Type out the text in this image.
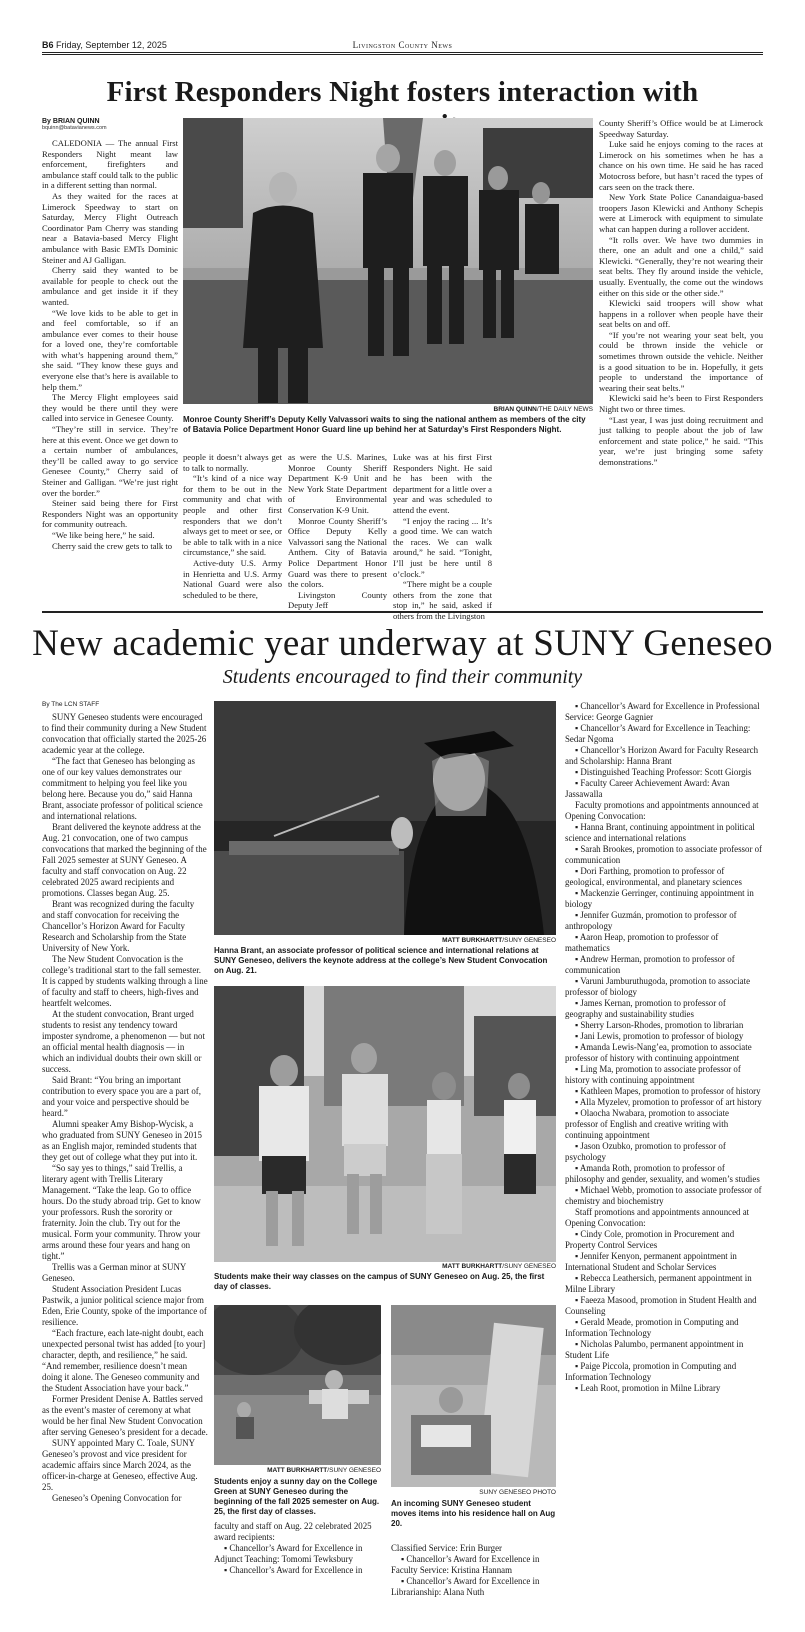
B6 Friday, September 12, 2025	Livingston County News
First Responders Night fosters interaction with
By BRIAN QUINN
bquinn@batavianews.com

CALEDONIA — The annual First Responders Night meant law enforcement, firefighters and ambulance staff could talk to the public in a different setting than normal.

As they waited for the races at Limerock Speedway to start on Saturday, Mercy Flight Outreach Coordinator Pam Cherry was standing near a Batavia-based Mercy Flight ambulance with Basic EMTs Dominic Steiner and AJ Galligan.

Cherry said they wanted to be available for people to check out the ambulance and get inside it if they wanted.

“We love kids to be able to get in and feel comfortable, so if an ambulance ever comes to their house for a loved one, they’re comfortable with what’s happening around them,” she said. “They know these guys and everyone else that’s here is available to help them.”

The Mercy Flight employees said they would be there until they were called into service in Genesee County.

“They’re still in service. They’re here at this event. Once we get down to a certain number of ambulances, they’ll be called away to go service Genesee County,” Cherry said of Steiner and Galligan. “We’re just right over the border.”

Steiner said being there for First Responders Night was an opportunity for community outreach.

“We like being here,” he said.

Cherry said the crew gets to talk to

BRIAN QUINN/THE DAILY NEWS
Monroe County Sheriff’s Deputy Kelly Valvassori waits to sing the national anthem as members of the city of Batavia Police Department Honor Guard line up behind her at Saturday’s First Responders Night.

people it doesn’t always get to talk to normally.

“It’s kind of a nice way for them to be out in the community and chat with people and other first responders that we don’t always get to meet or see, or be able to talk with in a nice circumstance,” she said.

Active-duty U.S. Army in Henrietta and U.S. Army National Guard were also scheduled to be there,

as were the U.S. Marines, Monroe County Sheriff Department K-9 Unit and New York State Department of Environmental Conservation K-9 Unit.

Monroe County Sheriff’s Office Deputy Kelly Valvassori sang the National Anthem. City of Batavia Police Department Honor Guard was there to present the colors.

Livingston County Deputy Jeff

Luke was at his first First Responders Night. He said he has been with the department for a little over a year and was scheduled to attend the event.

“I enjoy the racing ... It’s a good time. We can watch the races. We can walk around,” he said. “Tonight, I’ll just be here until 8 o’clock.”

“There might be a couple others from the zone that stop in,” he said, asked if others from the Livingston

County Sheriff’s Office would be at Limerock Speedway Saturday.

Luke said he enjoys coming to the races at Limerock on his sometimes when he has a chance on his own time. He said he has raced Motocross before, but hasn’t raced the types of cars seen on the track there.

New York State Police Canandaigua-based troopers Jason Klewicki and Anthony Schepis were at Limerock with equipment to simulate what can happen during a rollover accident.

“It rolls over. We have two dummies in there, one an adult and one a child,” said Klewicki. “Generally, they’re not wearing their seat belts. They fly around inside the vehicle, usually. Eventually, the come out the windows either on this side or the other side.”

Klewicki said troopers will show what happens in a rollover when people have their seat belts on and off.

“If you’re not wearing your seat belt, you could be thrown inside the vehicle or sometimes thrown outside the vehicle. Neither is a good situation to be in. Hopefully, it gets people to understand the importance of wearing their seat belts.”

Klewicki said he’s been to First Responders Night two or three times.

“Last year, I was just doing recruitment and just talking to people about the job of law enforcement and state police,” he said. “This year, we’re just bringing some safety demonstrations.”

New academic year underway at SUNY Geneseo
Students encouraged to find their community
By The LCN STAFF

SUNY Geneseo students were encouraged to find their community during a New Student convocation that officially started the 2025-26 academic year at the college.

“The fact that Geneseo has belonging as one of our key values demonstrates our commitment to helping you feel like you belong here. Because you do,” said Hanna Brant, associate professor of political science and international relations.

Brant delivered the keynote address at the Aug. 21 convocation, one of two campus convocations that marked the beginning of the Fall 2025 semester at SUNY Geneseo. A faculty and staff convocation on Aug. 22 celebrated 2025 award recipients and promotions. Classes began Aug. 25.

Brant was recognized during the faculty and staff convocation for receiving the Chancellor’s Horizon Award for Faculty Research and Scholarship from the State University of New York.

The New Student Convocation is the college’s traditional start to the fall semester. It is capped by students walking through a line of faculty and staff to cheers, high-fives and heartfelt welcomes.

At the student convocation, Brant urged students to resist any tendency toward imposter syndrome, a phenomenon — but not an official mental health diagnosis — in which an individual doubts their own skill or success.

Said Brant: “You bring an important contribution to every space you are a part of, and your voice and perspective should be heard.”

Alumni speaker Amy Bishop-Wycisk, a who graduated from SUNY Geneseo in 2015 as an English major, reminded students that they get out of college what they put into it.

“So say yes to things,” said Trellis, a literary agent with Trellis Literary Management. “Take the leap. Go to office hours. Do the study abroad trip. Get to know your professors. Rush the sorority or fraternity. Join the club. Try out for the musical. Form your community. Throw your arms around these four years and hang on tight.”

Trellis was a German minor at SUNY Geneseo.

Student Association President Lucas Pastwik, a junior political science major from Eden, Erie County, spoke of the importance of resilience.

“Each fracture, each late-night doubt, each unexpected personal twist has added [to your] character, depth, and resilience,” he said. “And remember, resilience doesn’t mean doing it alone. The Geneseo community and the Student Association have your back.”

Former President Denise A. Battles served as the event’s master of ceremony at what would be her final New Student Convocation after serving Geneseo’s president for a decade.

SUNY appointed Mary C. Toale, SUNY Geneseo’s provost and vice president for academic affairs since March 2024, as the officer-in-charge at Geneseo, effective Aug. 25.

Geneseo’s Opening Convocation for

MATT BURKHARTT/SUNY GENESEO
Hanna Brant, an associate professor of political science and international relations at SUNY Geneseo, delivers the keynote address at the college’s New Student Convocation on Aug. 21.
MATT BURKHARTT/SUNY GENESEO
Students make their way classes on the campus of SUNY Geneseo on Aug. 25, the first day of classes.
MATT BURKHARTT/SUNY GENESEO
Students enjoy a sunny day on the College Green at SUNY Geneseo during the beginning of the fall 2025 semester on Aug. 25, the first day of classes.
SUNY GENESEO PHOTO
An incoming SUNY Geneseo student moves items into his residence hall on Aug 20.

faculty and staff on Aug. 22 celebrated 2025 award recipients:

▪ Chancellor’s Award for Excellence in Adjunct Teaching: Tomomi Tewksbury

▪ Chancellor’s Award for Excellence in

Classified Service: Erin Burger

▪ Chancellor’s Award for Excellence in Faculty Service: Kristina Hannam

▪ Chancellor’s Award for Excellence in Librarianship: Alana Nuth

▪ Chancellor’s Award for Excellence in Professional Service: George Gagnier

▪ Chancellor’s Award for Excellence in Teaching: Sedar Ngoma

▪ Chancellor’s Horizon Award for Faculty Research and Scholarship: Hanna Brant

▪ Distinguished Teaching Professor: Scott Giorgis

▪ Faculty Career Achievement Award: Avan Jassawalla

Faculty promotions and appointments announced at Opening Convocation:

▪ Hanna Brant, continuing appointment in political science and international relations

▪ Sarah Brookes, promotion to associate professor of communication

▪ Dori Farthing, promotion to professor of geological, environmental, and planetary sciences

▪ Mackenzie Gerringer, continuing appointment in biology

▪ Jennifer Guzmán, promotion to professor of anthropology

▪ Aaron Heap, promotion to professor of mathematics

▪ Andrew Herman, promotion to professor of communication

▪ Varuni Jamburuthugoda, promotion to associate professor of biology

▪ James Kernan, promotion to professor of geography and sustainability studies

▪ Sherry Larson-Rhodes, promotion to librarian

▪ Jani Lewis, promotion to professor of biology

▪ Amanda Lewis-Nang’ea, promotion to associate professor of history with continuing appointment

▪ Ling Ma, promotion to associate professor of history with continuing appointment

▪ Kathleen Mapes, promotion to professor of history

▪ Alla Myzelev, promotion to professor of art history

▪ Olaocha Nwabara, promotion to associate professor of English and creative writing with continuing appointment

▪ Jason Ozubko, promotion to professor of psychology

▪ Amanda Roth, promotion to professor of philosophy and gender, sexuality, and women’s studies

▪ Michael Webb, promotion to associate professor of chemistry and biochemistry

Staff promotions and appointments announced at Opening Convocation:

▪ Cindy Cole, promotion in Procurement and Property Control Services

▪ Jennifer Kenyon, permanent appointment in International Student and Scholar Services

▪ Rebecca Leathersich, permanent appointment in Milne Library

▪ Faeeza Masood, promotion in Student Health and Counseling

▪ Gerald Meade, promotion in Computing and Information Technology

▪ Nicholas Palumbo, permanent appointment in Student Life

▪ Paige Piccola, promotion in Computing and Information Technology

▪ Leah Root, promotion in Milne Library
